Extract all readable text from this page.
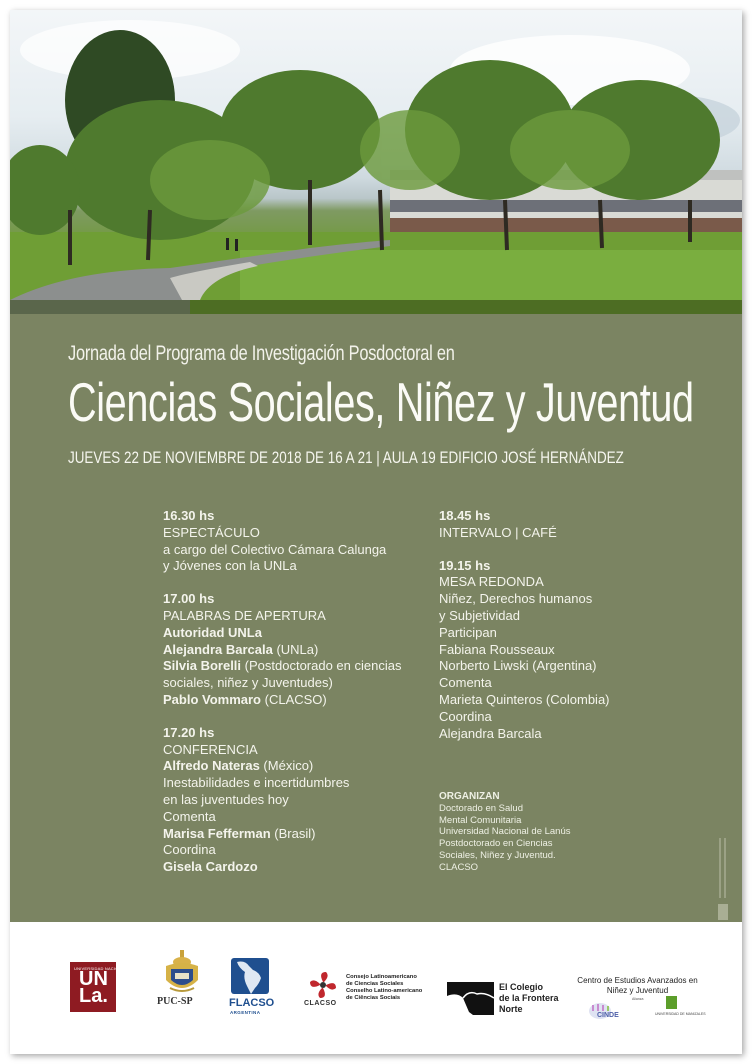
Jornada del Programa de Investigación Posdoctoral en
Ciencias Sociales, Niñez y Juventud
JUEVES 22 DE NOVIEMBRE DE 2018 DE 16 A 21 | AULA 19 EDIFICIO JOSÉ HERNÁNDEZ
16.30 hs
ESPECTÁCULO
a cargo del Colectivo Cámara Calunga
y Jóvenes con la UNLa
17.00 hs
PALABRAS DE APERTURA
Autoridad UNLa
Alejandra Barcala (UNLa)
Silvia Borelli (Postdoctorado en ciencias
sociales, niñez y Juventudes)
Pablo Vommaro (CLACSO)
17.20 hs
CONFERENCIA
Alfredo Nateras (México)
Inestabilidades e incertidumbres
en las juventudes hoy
Comenta
Marisa Fefferman (Brasil)
Coordina
Gisela Cardozo
18.45 hs
INTERVALO | CAFÉ
19.15 hs
MESA REDONDA
Niñez, Derechos humanos
y Subjetividad
Participan
Fabiana Rousseaux
Norberto Liwski (Argentina)
Comenta
Marieta Quinteros (Colombia)
Coordina
Alejandra Barcala
ORGANIZAN
Doctorado en Salud
Mental Comunitaria
Universidad Nacional de Lanús
Postdoctorado en Ciencias
Sociales, Niñez y Juventud.
CLACSO
UNIVERSIDAD NACIONAL DE LANÚS
UN
La.	PUC-SP	FLACSO
ARGENTINA
CLACSO
Consejo Latinoamericano
de Ciencias Sociales
Conselho Latino-americano
de Ciências Sociais
El Colegio
de la Frontera
Norte
Centro de Estudios Avanzados en
Niñez y Juventud
Alianza
CINDE	UNIVERSIDAD DE MANIZALES
